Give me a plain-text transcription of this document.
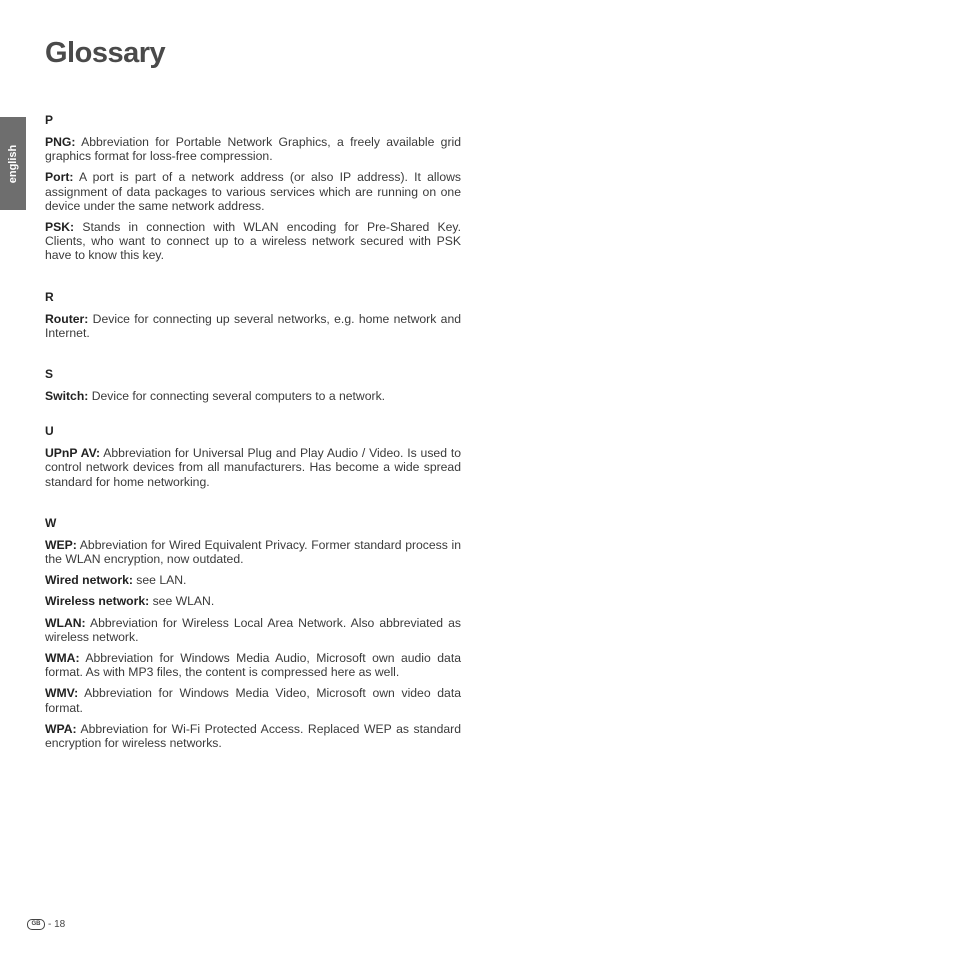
Glossary
english
P

PNG: Abbreviation for Portable Network Graphics, a freely available grid graphics format for loss-free compression.

Port: A port is part of a network address (or also IP address). It allows assignment of data packages to various services which are running on one device under the same network address.

PSK: Stands in connection with WLAN encoding for Pre-Shared Key. Clients, who want to connect up to a wireless network secured with PSK have to know this key.

R

Router: Device for connecting up several networks, e.g. home network and Internet.

S

Switch: Device for connecting several computers to a network.

U

UPnP AV: Abbreviation for Universal Plug and Play Audio / Video. Is used to control network devices from all manufacturers. Has become a wide spread standard for home networking.

W

WEP: Abbreviation for Wired Equivalent Privacy. Former standard process in the WLAN encryption, now outdated.

Wired network: see LAN.

Wireless network: see WLAN.

WLAN: Abbreviation for Wireless Local Area Network. Also abbreviated as wireless network.

WMA: Abbreviation for Windows Media Audio, Microsoft own audio data format. As with MP3 files, the content is compressed here as well.

WMV: Abbreviation for Windows Media Video, Microsoft own video data format.

WPA: Abbreviation for Wi-Fi Protected Access. Replaced WEP as standard encryption for wireless networks.

GB - 18
